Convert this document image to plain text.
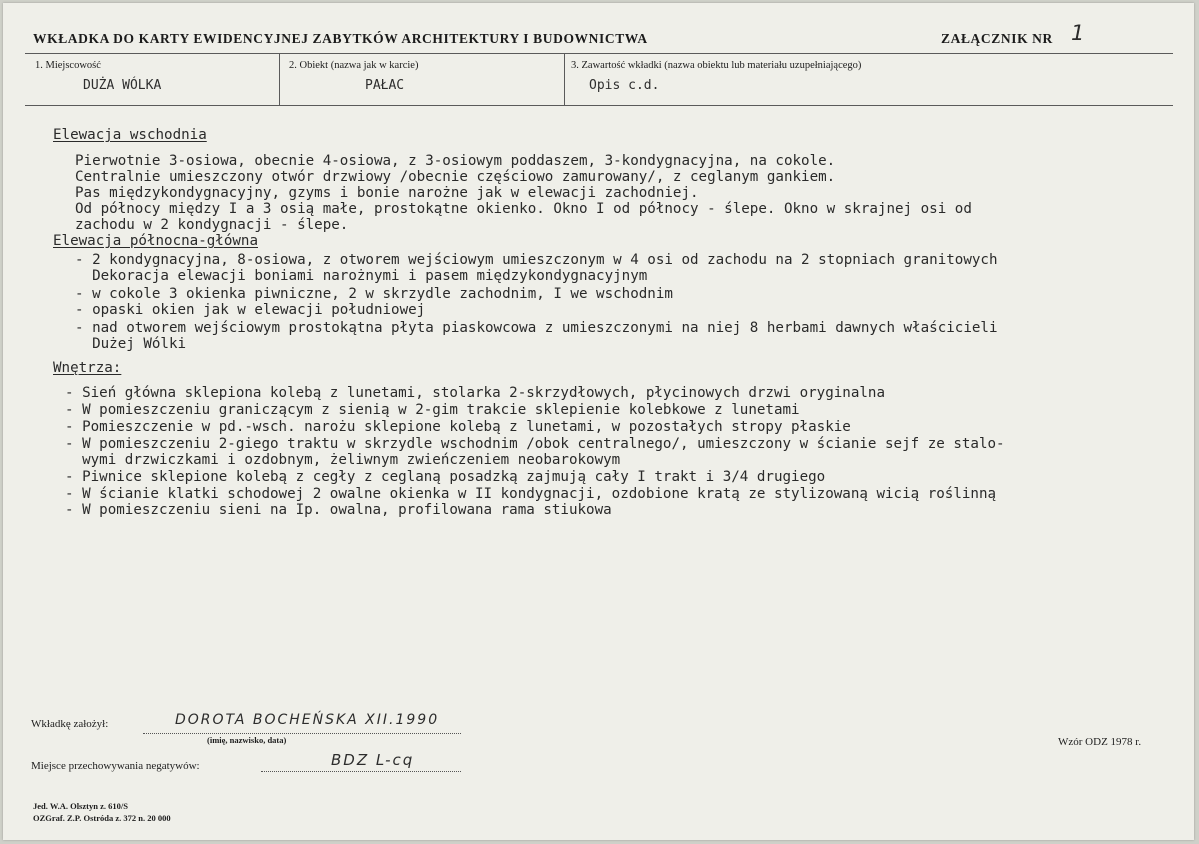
WKŁADKA DO KARTY EWIDENCYJNEJ ZABYTKÓW ARCHITEKTURY I BUDOWNICTWA	ZAŁĄCZNIK NR 1
1. Miejscowość
DUŻA WÓLKA
2. Obiekt (nazwa jak w karcie)
PAŁAC
3. Zawartość wkładki (nazwa obiektu lub materiału uzupełniającego)
Opis c.d.
Elewacja wschodnia
Pierwotnie 3-osiowa, obecnie 4-osiowa, z 3-osiowym poddaszem, 3-kondygnacyjna, na cokole.
Centralnie umieszczony otwór drzwiowy /obecnie częściowo zamurowany/, z ceglanym gankiem.
Pas międzykondygnacyjny, gzyms i bonie narożne jak w elewacji zachodniej.
Od północy między I a 3 osią małe, prostokątne okienko. Okno I od północy - ślepe. Okno w skrajnej osi od
zachodu w 2 kondygnacji - ślepe.
Elewacja północna-główna
- 2 kondygnacyjna, 8-osiowa, z otworem wejściowym umieszczonym w 4 osi od zachodu na 2 stopniach granitowych
Dekoracja elewacji boniami narożnymi i pasem międzykondygnacyjnym
- w cokole 3 okienka piwniczne, 2 w skrzydle zachodnim, I we wschodnim
- opaski okien jak w elewacji południowej
- nad otworem wejściowym prostokątna płyta piaskowcowa z umieszczonymi na niej 8 herbami dawnych właścicieli
Dużej Wólki
Wnętrza:
- Sień główna sklepiona kolebą z lunetami, stolarka 2-skrzydłowych, płycinowych drzwi oryginalna
- W pomieszczeniu graniczącym z sienią w 2-gim trakcie sklepienie kolebkowe z lunetami
- Pomieszczenie w pd.-wsch. narożu sklepione kolebą z lunetami, w pozostałych stropy płaskie
- W pomieszczeniu 2-giego traktu w skrzydle wschodnim /obok centralnego/, umieszczony w ścianie sejf ze stalo-
wymi drzwiczkami i ozdobnym, żeliwnym zwieńczeniem neobarokowym
- Piwnice sklepione kolebą z cegły z ceglaną posadzką zajmują cały I trakt i 3/4 drugiego
- W ścianie klatki schodowej 2 owalne okienka w II kondygnacji, ozdobione kratą ze stylizowaną wicią roślinną
- W pomieszczeniu sieni na Ip. owalna, profilowana rama stiukowa
Wkładkę założył:	DOROTA BOCHEŃSKA XII.1990
(imię, nazwisko, data)
Miejsce przechowywania negatywów:	BDZ L-cq
Wzór ODZ 1978 r.
Jed. W.A. Olsztyn z. 610/S
OZGraf. Z.P. Ostróda z. 372 n. 20 000
